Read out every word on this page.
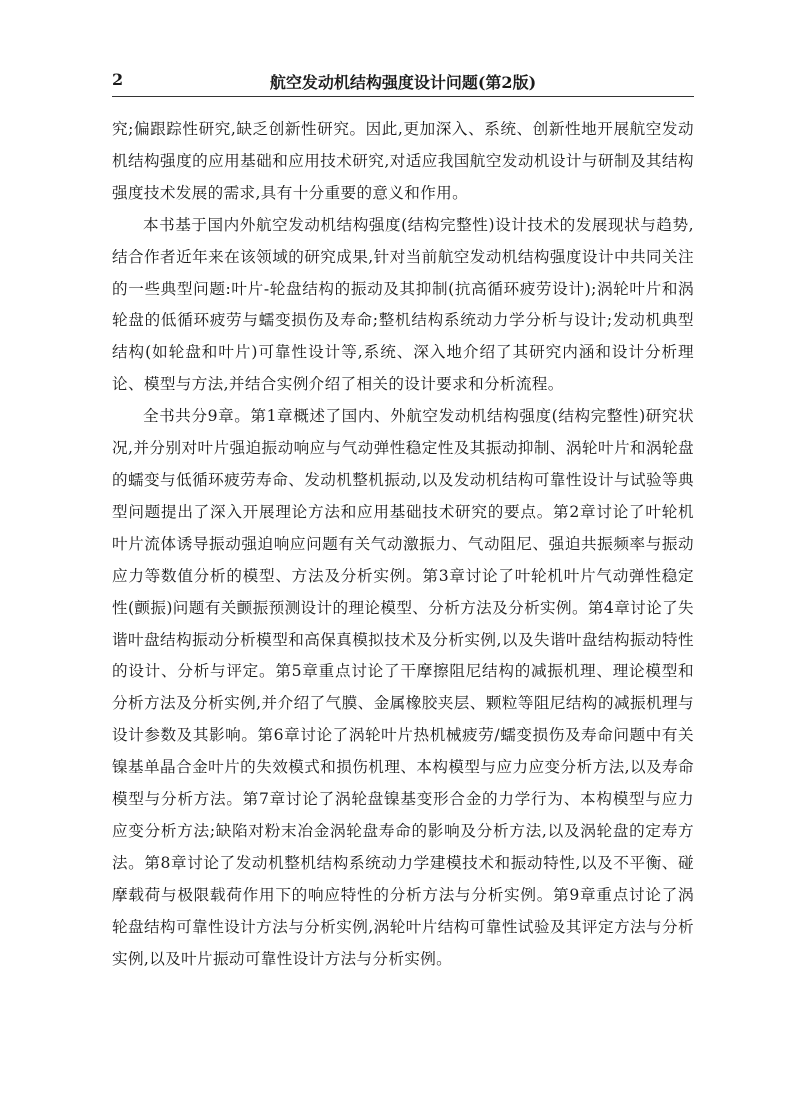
2	航空发动机结构强度设计问题(第2版)

究;偏跟踪性研究,缺乏创新性研究。因此,更加深入、系统、创新性地开展航空发动机结构强度的应用基础和应用技术研究,对适应我国航空发动机设计与研制及其结构强度技术发展的需求,具有十分重要的意义和作用。

本书基于国内外航空发动机结构强度(结构完整性)设计技术的发展现状与趋势,结合作者近年来在该领域的研究成果,针对当前航空发动机结构强度设计中共同关注的一些典型问题:叶片-轮盘结构的振动及其抑制(抗高循环疲劳设计);涡轮叶片和涡轮盘的低循环疲劳与蠕变损伤及寿命;整机结构系统动力学分析与设计;发动机典型结构(如轮盘和叶片)可靠性设计等,系统、深入地介绍了其研究内涵和设计分析理论、模型与方法,并结合实例介绍了相关的设计要求和分析流程。

全书共分9章。第1章概述了国内、外航空发动机结构强度(结构完整性)研究状况,并分别对叶片强迫振动响应与气动弹性稳定性及其振动抑制、涡轮叶片和涡轮盘的蠕变与低循环疲劳寿命、发动机整机振动,以及发动机结构可靠性设计与试验等典型问题提出了深入开展理论方法和应用基础技术研究的要点。第2章讨论了叶轮机叶片流体诱导振动强迫响应问题有关气动激振力、气动阻尼、强迫共振频率与振动应力等数值分析的模型、方法及分析实例。第3章讨论了叶轮机叶片气动弹性稳定性(颤振)问题有关颤振预测设计的理论模型、分析方法及分析实例。第4章讨论了失谐叶盘结构振动分析模型和高保真模拟技术及分析实例,以及失谐叶盘结构振动特性的设计、分析与评定。第5章重点讨论了干摩擦阻尼结构的减振机理、理论模型和分析方法及分析实例,并介绍了气膜、金属橡胶夹层、颗粒等阻尼结构的减振机理与设计参数及其影响。第6章讨论了涡轮叶片热机械疲劳/蠕变损伤及寿命问题中有关镍基单晶合金叶片的失效模式和损伤机理、本构模型与应力应变分析方法,以及寿命模型与分析方法。第7章讨论了涡轮盘镍基变形合金的力学行为、本构模型与应力应变分析方法;缺陷对粉末冶金涡轮盘寿命的影响及分析方法,以及涡轮盘的定寿方法。第8章讨论了发动机整机结构系统动力学建模技术和振动特性,以及不平衡、碰摩载荷与极限载荷作用下的响应特性的分析方法与分析实例。第9章重点讨论了涡轮盘结构可靠性设计方法与分析实例,涡轮叶片结构可靠性试验及其评定方法与分析实例,以及叶片振动可靠性设计方法与分析实例。
